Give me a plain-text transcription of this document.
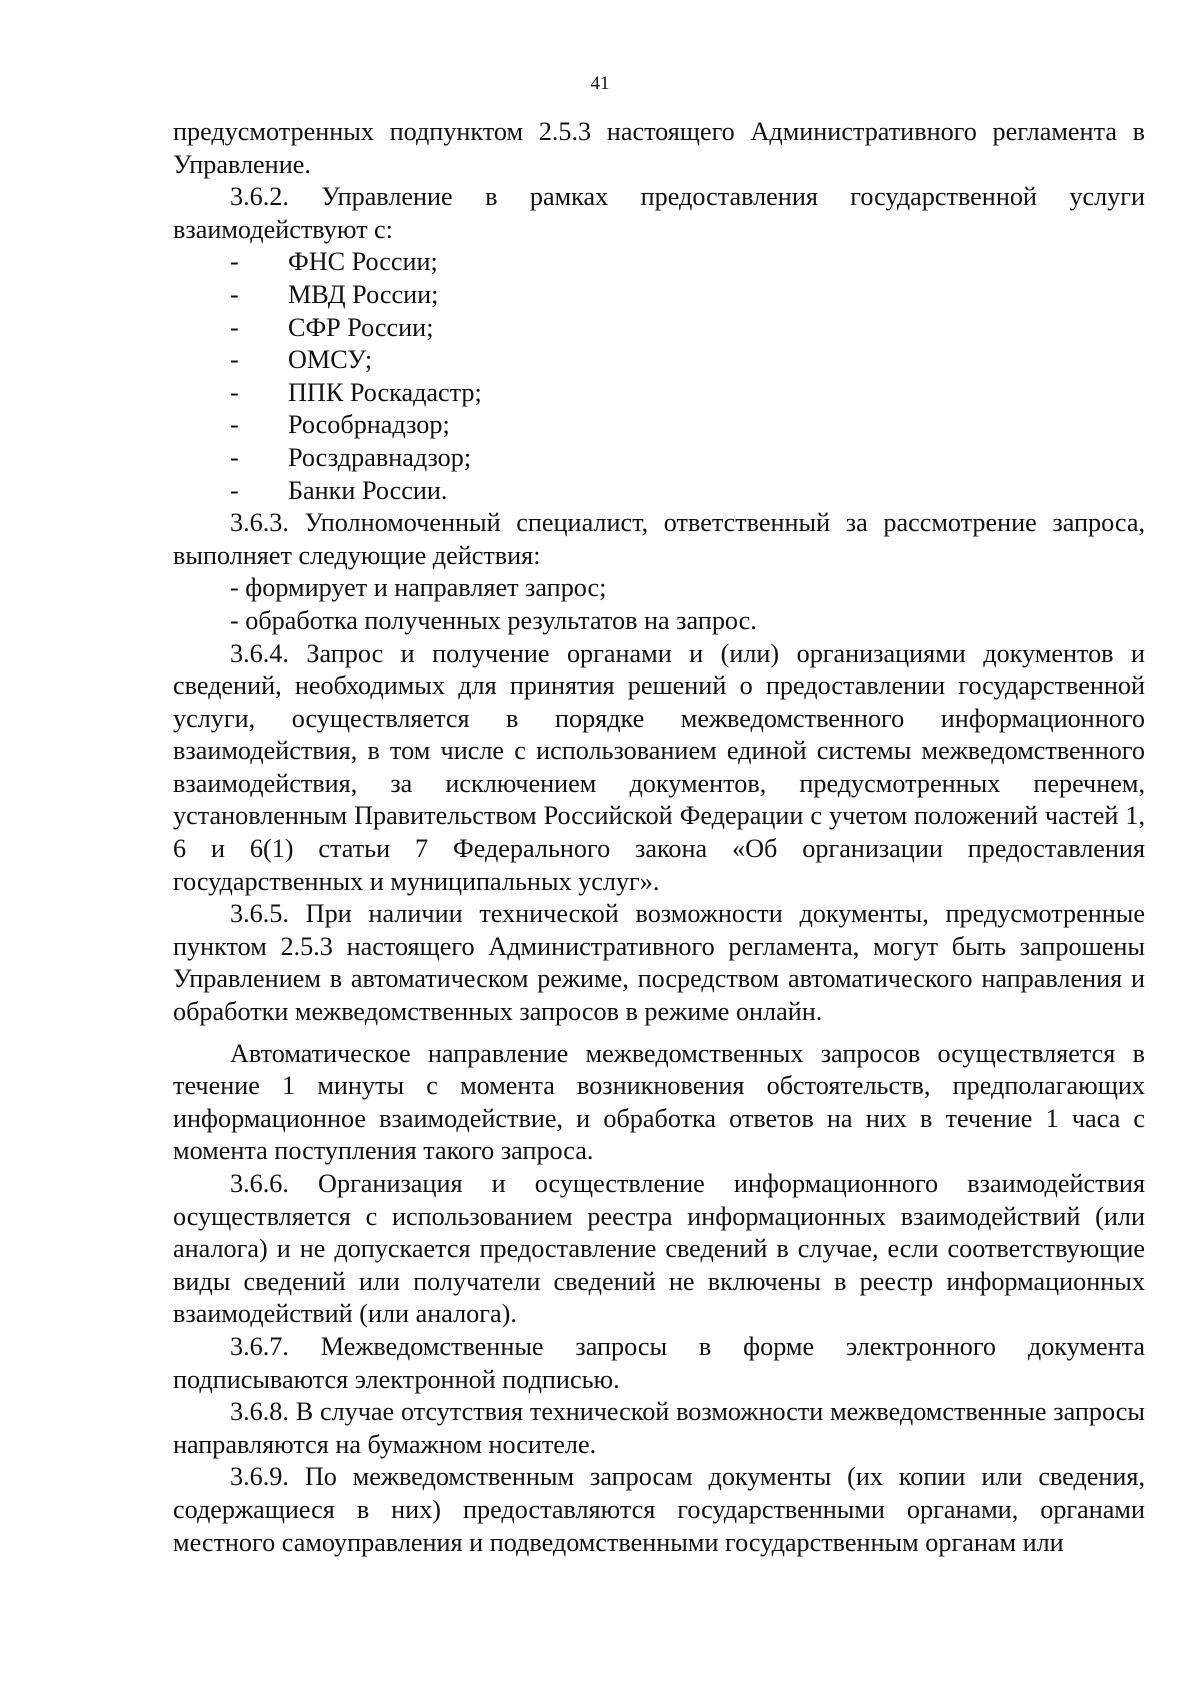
41

предусмотренных подпунктом 2.5.3 настоящего Административного регламента в Управление.

3.6.2. Управление в рамках предоставления государственной услуги взаимодействуют с:

-	ФНС России;
-	МВД России;
-	СФР России;
-	ОМСУ;
-	ППК Роскадастр;
-	Рособрнадзор;
-	Росздравнадзор;
-	Банки России.

3.6.3. Уполномоченный специалист, ответственный за рассмотрение запроса, выполняет следующие действия:

- формирует и направляет запрос;

- обработка полученных результатов на запрос.

3.6.4. Запрос и получение органами и (или) организациями документов и сведений, необходимых для принятия решений о предоставлении государственной услуги, осуществляется в порядке межведомственного информационного взаимодействия, в том числе с использованием единой системы межведомственного взаимодействия, за исключением документов, предусмотренных перечнем, установленным Правительством Российской Федерации с учетом положений частей 1, 6 и 6(1) статьи 7 Федерального закона «Об организации предоставления государственных и муниципальных услуг».

3.6.5. При наличии технической возможности документы, предусмотренные пунктом 2.5.3 настоящего Административного регламента, могут быть запрошены Управлением в автоматическом режиме, посредством автоматического направления и обработки межведомственных запросов в режиме онлайн.

Автоматическое направление межведомственных запросов осуществляется в течение 1 минуты с момента возникновения обстоятельств, предполагающих информационное взаимодействие, и обработка ответов на них в течение 1 часа с момента поступления такого запроса.

3.6.6. Организация и осуществление информационного взаимодействия осуществляется с использованием реестра информационных взаимодействий (или аналога) и не допускается предоставление сведений в случае, если соответствующие виды сведений или получатели сведений не включены в реестр информационных взаимодействий (или аналога).

3.6.7. Межведомственные запросы в форме электронного документа подписываются электронной подписью.

3.6.8. В случае отсутствия технической возможности межведомственные запросы направляются на бумажном носителе.

3.6.9. По межведомственным запросам документы (их копии или сведения, содержащиеся в них) предоставляются государственными органами, органами местного самоуправления и подведомственными государственным органам или
